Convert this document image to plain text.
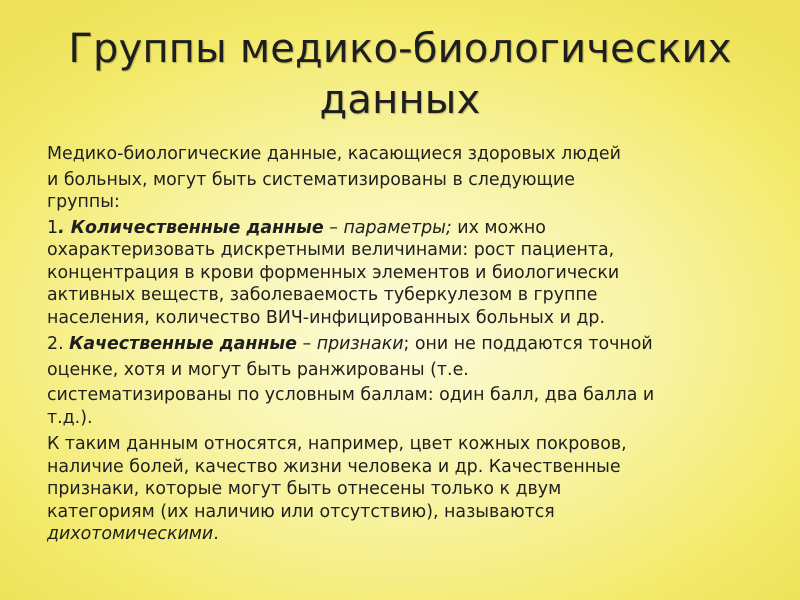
Группы медико-биологических
данных
Медико-биологические данные, касающиеся здоровых людей
и больных, могут быть систематизированы в следующие
группы:
1. Количественные данные – параметры; их можно
охарактеризовать дискретными величинами: рост пациента,
концентрация в крови форменных элементов и биологически
активных веществ, заболеваемость туберкулезом в группе
населения, количество ВИЧ-инфицированных больных и др.
2. Качественные данные – признаки; они не поддаются точной
оценке, хотя и могут быть ранжированы (т.е.
систематизированы по условным баллам: один балл, два балла и
т.д.).
К таким данным относятся, например, цвет кожных покровов,
наличие болей, качество жизни человека и др. Качественные
признаки, которые могут быть отнесены только к двум
категориям (их наличию или отсутствию), называются
дихотомическими.
